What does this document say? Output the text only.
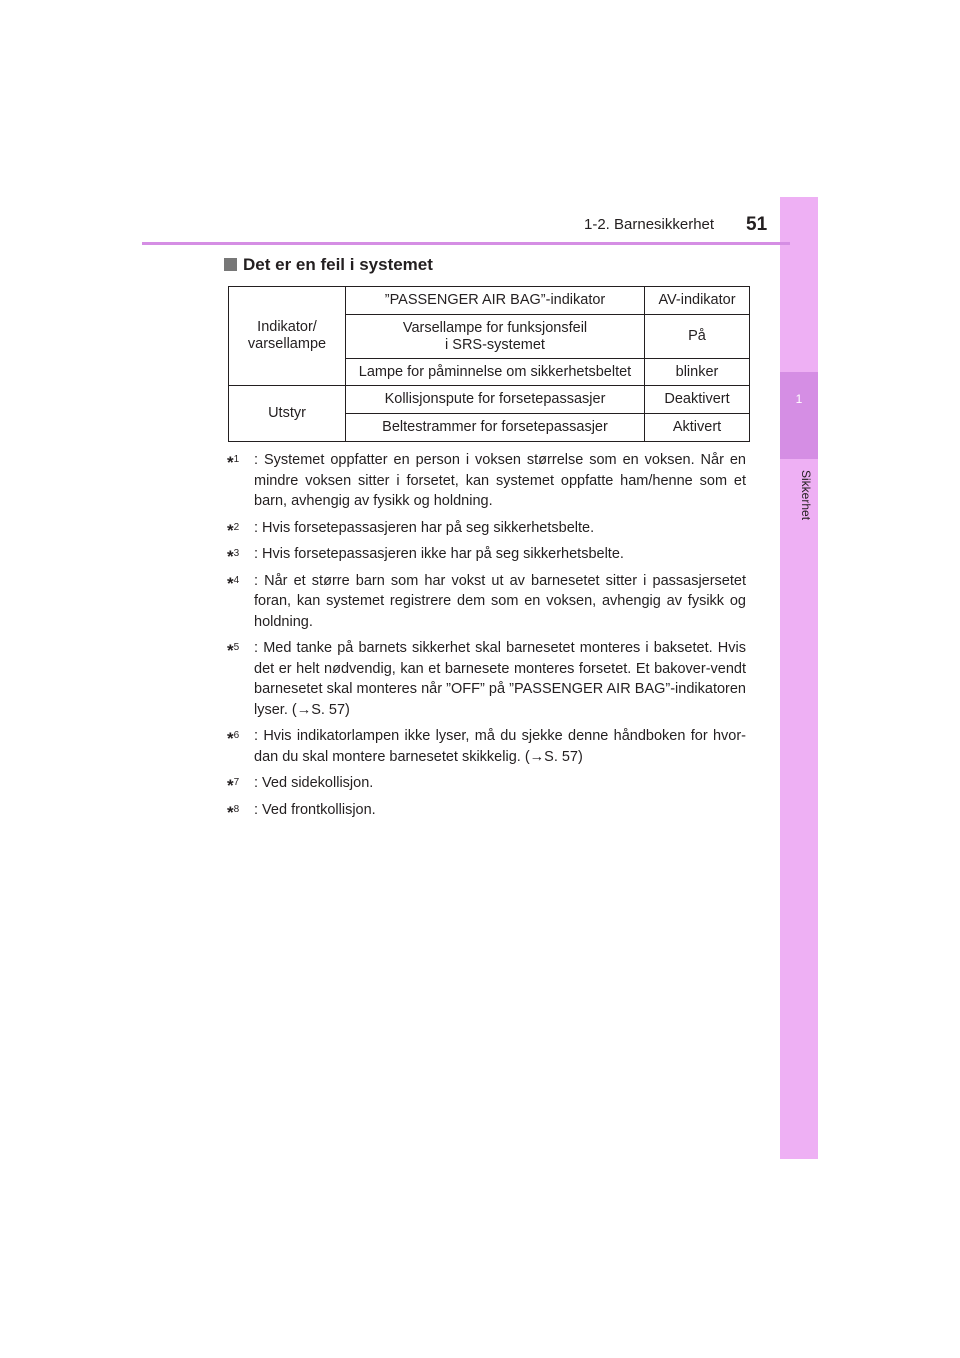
1
Sikkerhet
1-2. Barnesikkerhet 51
Det er en feil i systemet
Indikator/
varsellampe	”PASSENGER AIR BAG”-indikator	AV-indikator
	Varsellampe for funksjonsfeil
i SRS-systemet	På
	Lampe for påminnelse om sikkerhetsbeltet	blinker
Utstyr	Kollisjonspute for forsetepassasjer	Deaktivert
	Beltestrammer for forsetepassasjer	Aktivert
*$^1$ : Systemet oppfatter en person i voksen størrelse som en voksen. Når en mindre voksen sitter i forsetet, kan systemet oppfatte ham/henne som et barn, avhengig av fysikk og holdning.
*$^2$ : Hvis forsetepassasjeren har på seg sikkerhetsbelte.
*$^3$ : Hvis forsetepassasjeren ikke har på seg sikkerhetsbelte.
*$^4$ : Når et større barn som har vokst ut av barnesetet sitter i passasjersetet foran, kan systemet registrere dem som en voksen, avhengig av fysikk og holdning.
*$^5$ : Med tanke på barnets sikkerhet skal barnesetet monteres i baksetet. Hvis det er helt nødvendig, kan et barnesete monteres forsetet. Et bakover-vendt barnesetet skal monteres når ”OFF” på ”PASSENGER AIR BAG”-indikatoren lyser. (→S. 57)
*$^6$ : Hvis indikatorlampen ikke lyser, må du sjekke denne håndboken for hvor-dan du skal montere barnesetet skikkelig. (→S. 57)
*$^7$ : Ved sidekollisjon.
*$^8$ : Ved frontkollisjon.
